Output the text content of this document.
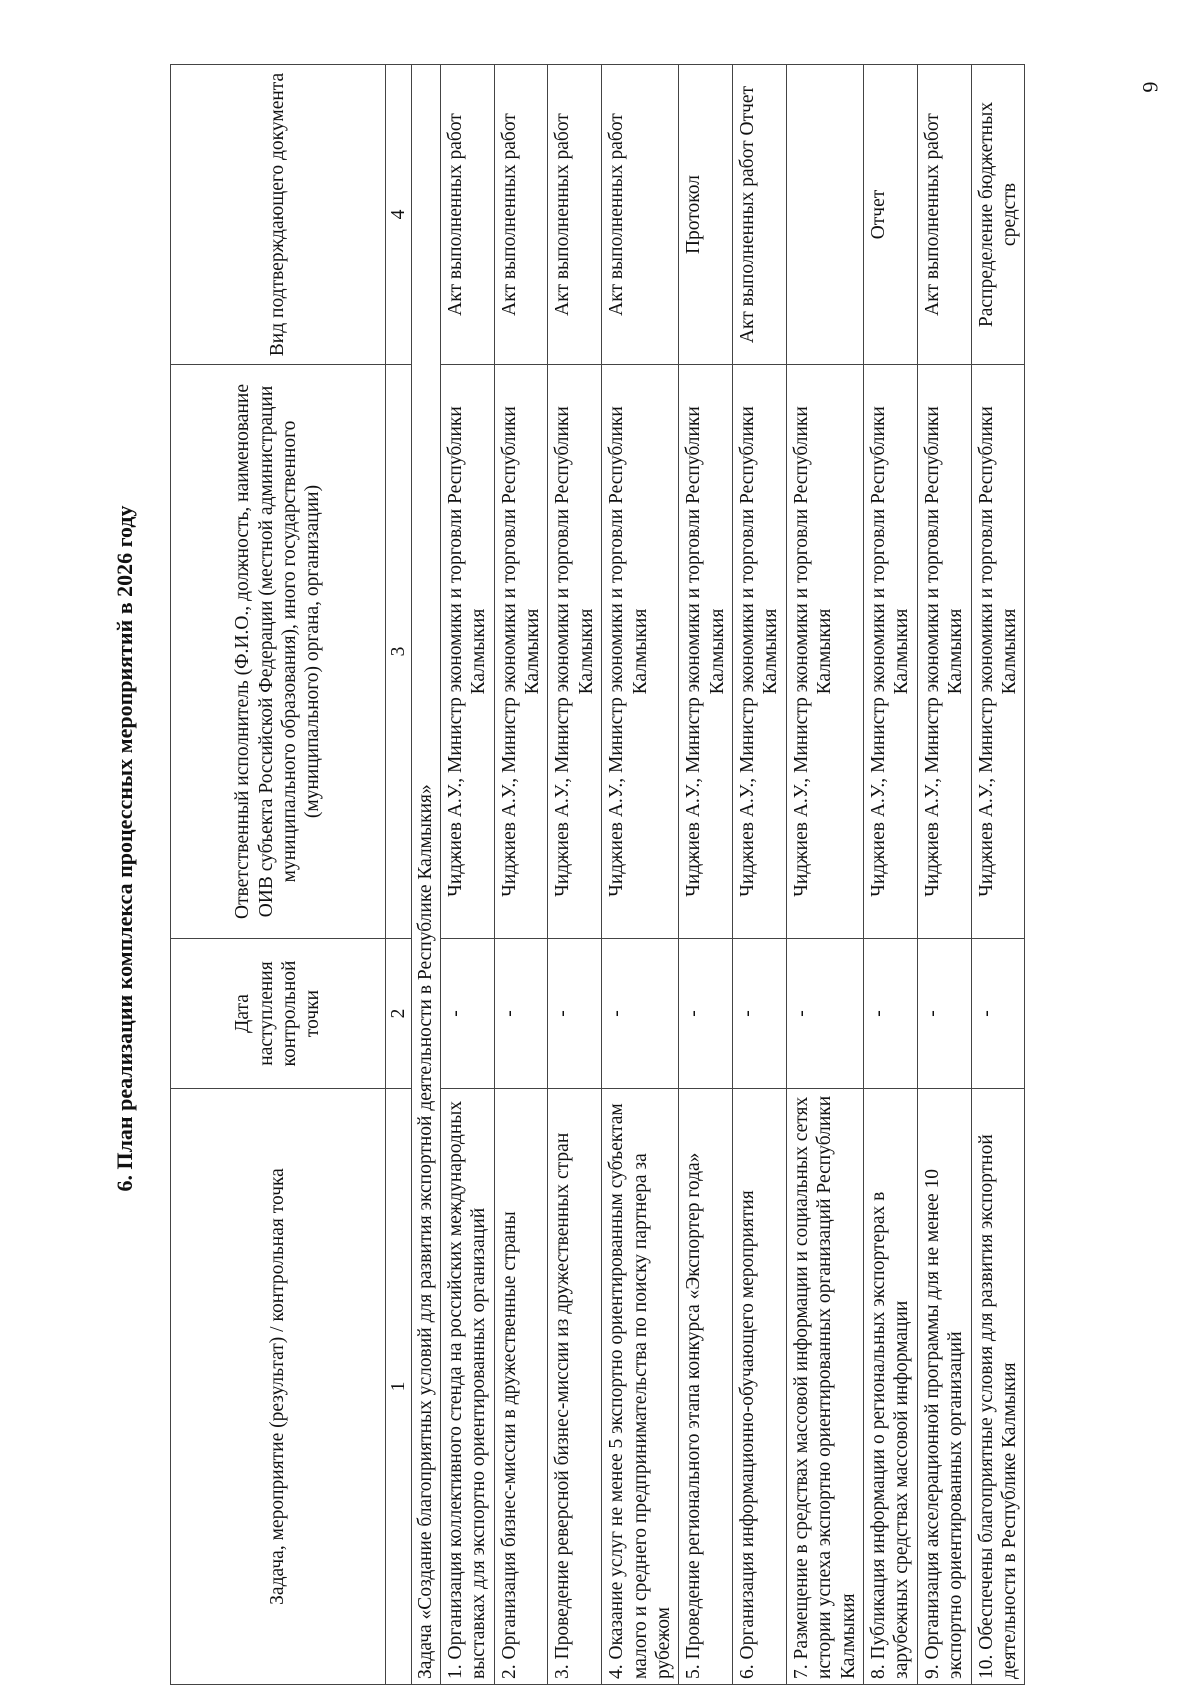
6. План реализации комплекса процессных мероприятий в 2026 году
6
Задача, мероприятие (результат) / контрольная точка	Дата наступления контрольной точки	Ответственный исполнитель (Ф.И.О., должность, наименование ОИВ субъекта Российской Федерации (местной администрации муниципального образования), иного государственного (муниципального) органа, организации)	Вид подтверждающего документа
1	2	3	4
Задача «Создание благоприятных условий для развития экспортной деятельности в Республике Калмыкия»			
1. Организация коллективного стенда на российских международных выставках для экспортно ориентированных организаций	-	Чиджиев А.У., Министр экономики и торговли Республики Калмыкия	Акт выполненных работ
2. Организация бизнес-миссии в дружественные страны	-	Чиджиев А.У., Министр экономики и торговли Республики Калмыкия	Акт выполненных работ
3. Проведение реверсной бизнес-миссии из дружественных стран	-	Чиджиев А.У., Министр экономики и торговли Республики Калмыкия	Акт выполненных работ
4. Оказание услуг не менее 5 экспортно ориентированным субъектам малого и среднего предпринимательства по поиску партнера за рубежом	-	Чиджиев А.У., Министр экономики и торговли Республики Калмыкия	Акт выполненных работ
5. Проведение регионального этапа конкурса «Экспортер года»	-	Чиджиев А.У., Министр экономики и торговли Республики Калмыкия	Протокол
6. Организация информационно-обучающего мероприятия	-	Чиджиев А.У., Министр экономики и торговли Республики Калмыкия	Акт выполненных работ Отчет
7. Размещение в средствах массовой информации и социальных сетях истории успеха экспортно ориентированных организаций Республики Калмыкия	-	Чиджиев А.У., Министр экономики и торговли Республики Калмыкия	
8. Публикация информации о региональных экспортерах в зарубежных средствах массовой информации	-	Чиджиев А.У., Министр экономики и торговли Республики Калмыкия	Отчет
9. Организация акселерационной программы для не менее 10 экспортно ориентированных организаций	-	Чиджиев А.У., Министр экономики и торговли Республики Калмыкия	Акт выполненных работ
10. Обеспечены благоприятные условия для развития экспортной деятельности в Республике Калмыкия	-	Чиджиев А.У., Министр экономики и торговли Республики Калмыкия	Распределение бюджетных средств
